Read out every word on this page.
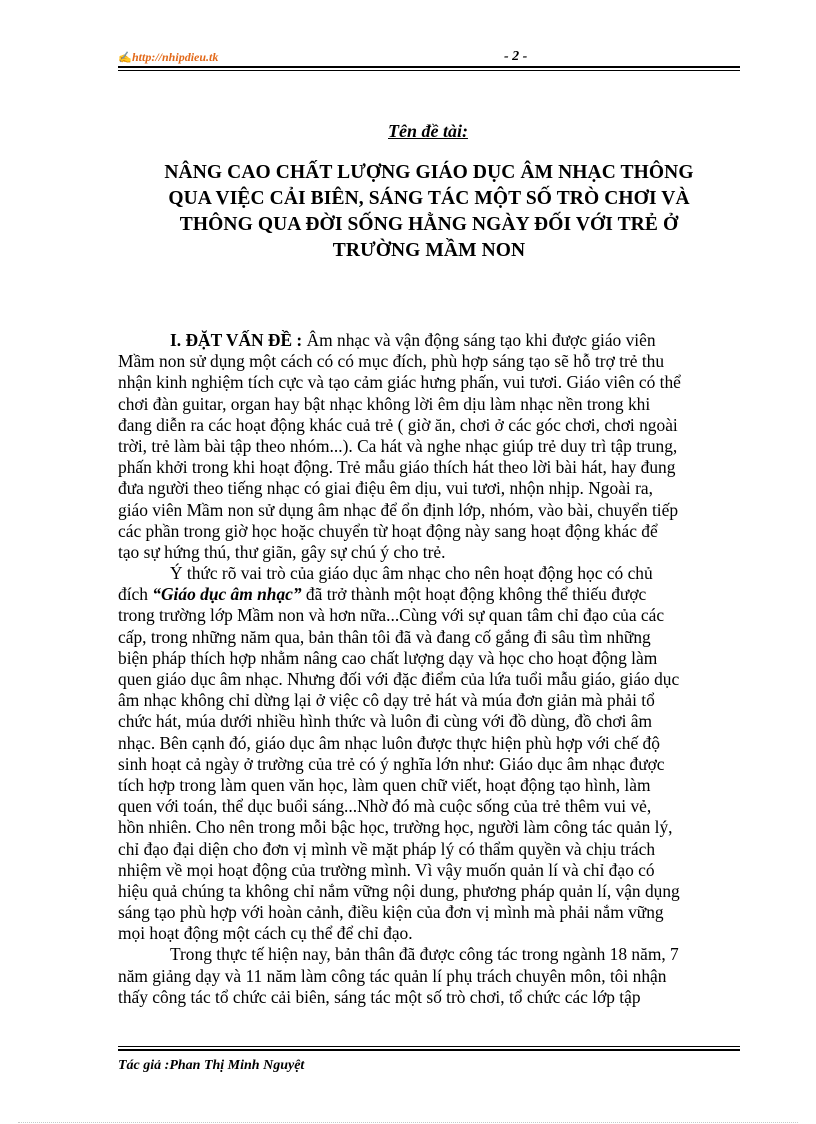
✍ http://nhipdieu.tk	- 2 -
Tên đề tài:
NÂNG CAO CHẤT LƯỢNG GIÁO DỤC ÂM NHẠC THÔNG
QUA VIỆC CẢI BIÊN, SÁNG TÁC MỘT SỐ TRÒ CHƠI VÀ
THÔNG QUA ĐỜI SỐNG HẰNG NGÀY ĐỐI VỚI TRẺ Ở
TRƯỜNG MẦM NON
I. ĐẶT VẤN ĐỀ : Âm nhạc và vận động sáng tạo khi được giáo viên
Mầm non sử dụng một cách có có mục đích, phù hợp sáng tạo sẽ hỗ trợ trẻ thu
nhận kinh nghiệm tích cực và tạo cảm giác hưng phấn, vui tươi. Giáo viên có thể
chơi đàn guitar, organ hay bật nhạc không lời êm dịu làm nhạc nền trong khi
đang diễn ra các hoạt động khác cuả trẻ ( giờ ăn, chơi ở các góc chơi, chơi ngoài
trời, trẻ làm bài tập theo nhóm...). Ca hát và nghe nhạc giúp trẻ duy trì tập trung,
phấn khởi trong khi hoạt động. Trẻ mẫu giáo thích hát theo lời bài hát, hay đung
đưa người theo tiếng nhạc có giai điệu êm dịu, vui tươi, nhộn nhịp. Ngoài ra,
giáo viên Mầm non sử dụng âm nhạc để ổn định lớp, nhóm, vào bài, chuyển tiếp
các phần trong giờ học hoặc chuyển từ hoạt động này sang hoạt động khác để
tạo sự hứng thú, thư giãn, gây sự chú ý cho trẻ.
Ý thức rõ vai trò của giáo dục âm nhạc cho nên hoạt động học có chủ
đích “Giáo dục âm nhạc” đã trở thành một hoạt động không thể thiếu được
trong trường lớp Mầm non và hơn nữa...Cùng với sự quan tâm chỉ đạo của các
cấp, trong những năm qua, bản thân tôi đã và đang cố gắng đi sâu tìm những
biện pháp thích hợp nhằm nâng cao chất lượng dạy và học cho hoạt động làm
quen giáo dục âm nhạc. Nhưng đối với đặc điểm của lứa tuổi mẫu giáo, giáo dục
âm nhạc không chỉ dừng lại ở việc cô dạy trẻ hát và múa đơn giản mà phải tổ
chức hát, múa dưới nhiều hình thức và luôn đi cùng với đồ dùng, đồ chơi âm
nhạc. Bên cạnh đó, giáo dục âm nhạc luôn được thực hiện phù hợp với chế độ
sinh hoạt cả ngày ở trường của trẻ có ý nghĩa lớn như: Giáo dục âm nhạc được
tích hợp trong làm quen văn học, làm quen chữ viết, hoạt động tạo hình, làm
quen với toán, thể dục buổi sáng...Nhờ đó mà cuộc sống của trẻ thêm vui vẻ,
hồn nhiên. Cho nên trong mỗi bậc học, trường học, người làm công tác quản lý,
chỉ đạo đại diện cho đơn vị mình về mặt pháp lý có thẩm quyền và chịu trách
nhiệm về mọi hoạt động của trường mình. Vì vậy muốn quản lí và chỉ đạo có
hiệu quả chúng ta không chỉ nắm vững nội dung, phương pháp quản lí, vận dụng
sáng tạo phù hợp với hoàn cảnh, điều kiện của đơn vị mình mà phải nắm vững
mọi hoạt động một cách cụ thể để chỉ đạo.
Trong thực tế hiện nay, bản thân đã được công tác trong ngành 18 năm, 7
năm giảng dạy và 11 năm làm công tác quản lí phụ trách chuyên môn, tôi nhận
thấy công tác tổ chức cải biên, sáng tác một số trò chơi, tổ chức các lớp tập
Tác giả :Phan Thị Minh Nguyệt
